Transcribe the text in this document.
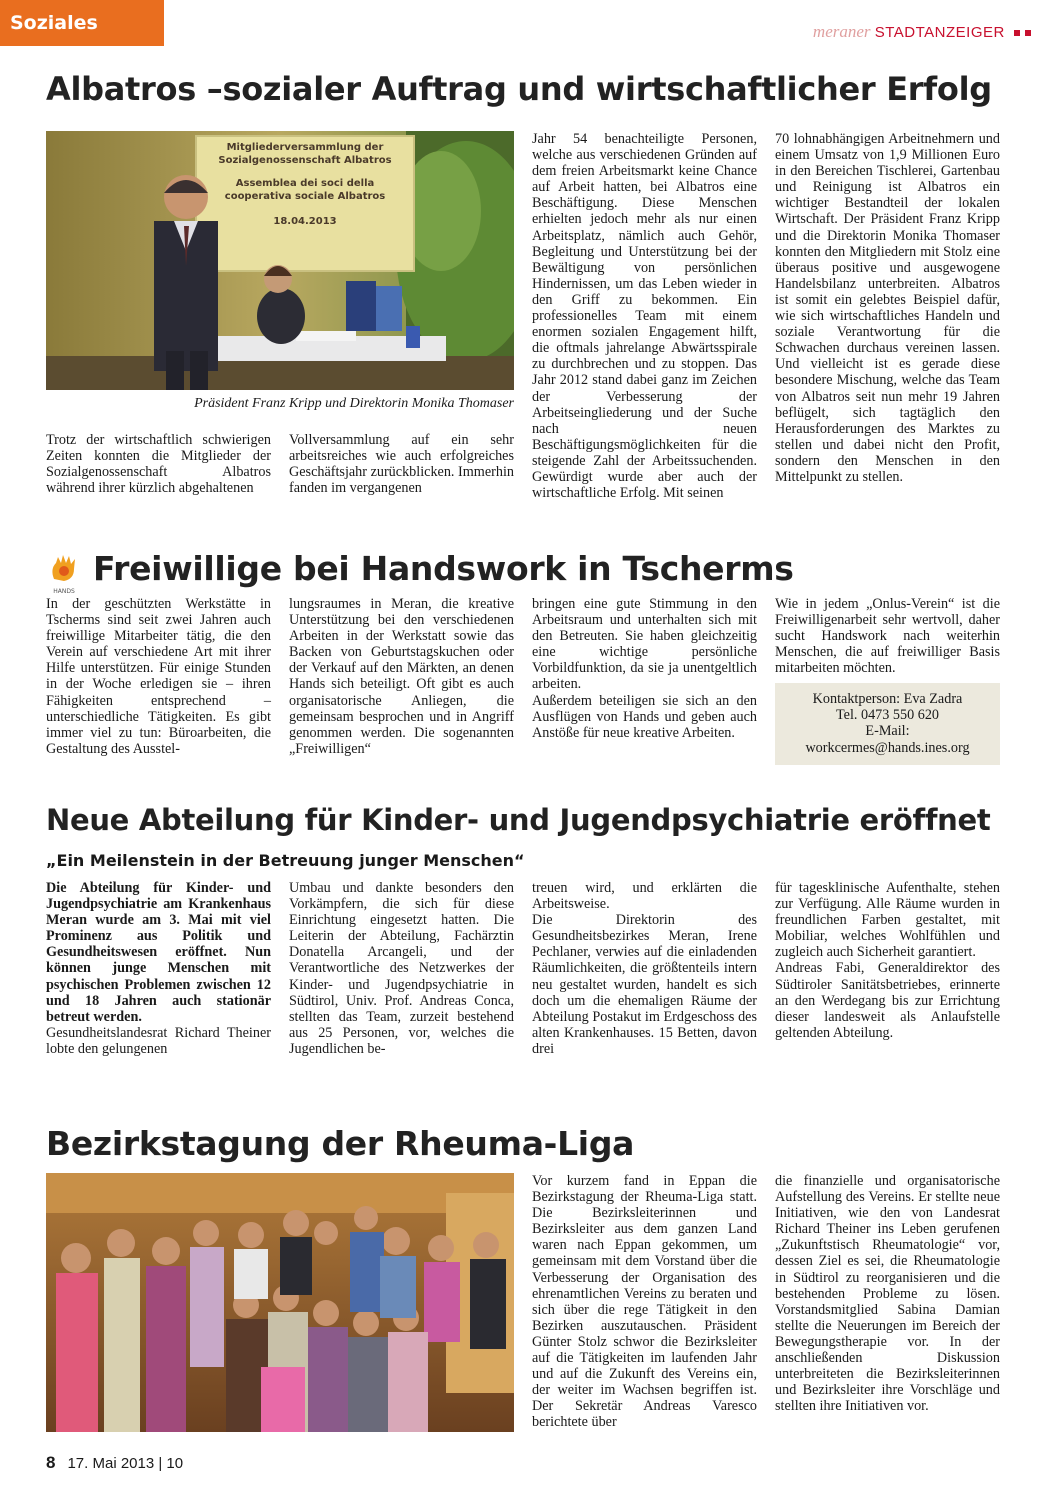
Soziales	meraner STADTANZEIGER
Albatros –sozialer Auftrag und wirtschaftlicher Erfolg
Mitgliederversammlung der
Sozialgenossenschaft Albatros
Assemblea dei soci della
cooperativa sociale Albatros
18.04.2013
Präsident Franz Kripp und Direktorin Monika Thomaser

Trotz der wirtschaftlich schwierigen Zeiten konnten die Mitglieder der Sozialgenossenschaft Albatros während ihrer kürzlich abgehaltenen

Vollversammlung auf ein sehr arbeitsreiches wie auch erfolgreiches Geschäftsjahr zurückblicken. Immerhin fanden im vergangenen

Jahr 54 benachteiligte Personen, welche aus verschiedenen Gründen auf dem freien Arbeitsmarkt keine Chance auf Arbeit hatten, bei Albatros eine Beschäftigung. Diese Menschen erhielten jedoch mehr als nur einen Arbeitsplatz, nämlich auch Gehör, Begleitung und Unterstützung bei der Bewältigung von persönlichen Hindernissen, um das Leben wieder in den Griff zu bekommen. Ein professionelles Team mit einem enormen sozialen Engagement hilft, die oftmals jahrelange Abwärtsspirale zu durchbrechen und zu stoppen. Das Jahr 2012 stand dabei ganz im Zeichen der Verbesserung der Arbeitseingliederung und der Suche nach neuen Beschäftigungsmöglichkeiten für die steigende Zahl der Arbeitssuchenden. Gewürdigt wurde aber auch der wirtschaftliche Erfolg. Mit seinen

70 lohnabhängigen Arbeitnehmern und einem Umsatz von 1,9 Millionen Euro in den Bereichen Tischlerei, Gartenbau und Reinigung ist Albatros ein wichtiger Bestandteil der lokalen Wirtschaft. Der Präsident Franz Kripp und die Direktorin Monika Thomaser konnten den Mitgliedern mit Stolz eine überaus positive und ausgewogene Handelsbilanz unterbreiten. Albatros ist somit ein gelebtes Beispiel dafür, wie sich wirtschaftliches Handeln und soziale Verantwortung für die Schwachen durchaus vereinen lassen. Und vielleicht ist es gerade diese besondere Mischung, welche das Team von Albatros seit nun mehr 19 Jahren beflügelt, sich tagtäglich den Herausforderungen des Marktes zu stellen und dabei nicht den Profit, sondern den Menschen in den Mittelpunkt zu stellen.

HANDS
Freiwillige bei Handswork in Tscherms

In der geschützten Werkstätte in Tscherms sind seit zwei Jahren auch freiwillige Mitarbeiter tätig, die den Verein auf verschiedene Art mit ihrer Hilfe unterstützen. Für einige Stunden in der Woche erledigen sie – ihren Fähigkeiten entsprechend – unterschiedliche Tätigkeiten. Es gibt immer viel zu tun: Büroarbeiten, die Gestaltung des Ausstel-

lungsraumes in Meran, die kreative Unterstützung bei den verschiedenen Arbeiten in der Werkstatt sowie das Backen von Geburtstagskuchen oder der Verkauf auf den Märkten, an denen Hands sich beteiligt. Oft gibt es auch organisatorische Anliegen, die gemeinsam besprochen und in Angriff genommen werden. Die sogenannten „Freiwilligen“

bringen eine gute Stimmung in den Arbeitsraum und unterhalten sich mit den Betreuten. Sie haben gleichzeitig eine wichtige persönliche Vorbildfunktion, da sie ja unentgeltlich arbeiten.

Außerdem beteiligen sie sich an den Ausflügen von Hands und geben auch Anstöße für neue kreative Arbeiten.

Wie in jedem „Onlus-Verein“ ist die Freiwilligenarbeit sehr wertvoll, daher sucht Handswork nach weiterhin Menschen, die auf freiwilliger Basis mitarbeiten möchten.

Kontaktperson: Eva Zadra
Tel. 0473 550 620
E-Mail:
workcermes@hands.ines.org
Neue Abteilung für Kinder- und Jugendpsychiatrie eröffnet
„Ein Meilenstein in der Betreuung junger Menschen“

Die Abteilung für Kinder- und Jugendpsychiatrie am Krankenhaus Meran wurde am 3. Mai mit viel Prominenz aus Politik und Gesundheitswesen eröffnet. Nun können junge Menschen mit psychischen Problemen zwischen 12 und 18 Jahren auch stationär betreut werden.

Gesundheitslandesrat Richard Theiner lobte den gelungenen

Umbau und dankte besonders den Vorkämpfern, die sich für diese Einrichtung eingesetzt hatten. Die Leiterin der Abteilung, Fachärztin Donatella Arcangeli, und der Verantwortliche des Netzwerkes der Kinder- und Jugendpsychiatrie in Südtirol, Univ. Prof. Andreas Conca, stellten das Team, zurzeit bestehend aus 25 Personen, vor, welches die Jugendlichen be-

treuen wird, und erklärten die Arbeitsweise.

Die Direktorin des Gesundheitsbezirkes Meran, Irene Pechlaner, verwies auf die einladenden Räumlichkeiten, die größtenteils intern neu gestaltet wurden, handelt es sich doch um die ehemaligen Räume der Abteilung Postakut im Erdgeschoss des alten Krankenhauses. 15 Betten, davon drei

für tagesklinische Aufenthalte, stehen zur Verfügung. Alle Räume wurden in freundlichen Farben gestaltet, mit Mobiliar, welches Wohlfühlen und zugleich auch Sicherheit garantiert.

Andreas Fabi, Generaldirektor des Südtiroler Sanitätsbetriebes, erinnerte an den Werdegang bis zur Errichtung dieser landesweit als Anlaufstelle geltenden Abteilung.

Bezirkstagung der Rheuma-Liga

Vor kurzem fand in Eppan die Bezirkstagung der Rheuma-Liga statt. Die Bezirksleiterinnen und Bezirksleiter aus dem ganzen Land waren nach Eppan gekommen, um gemeinsam mit dem Vorstand über die Verbesserung der Organisation des ehrenamtlichen Vereins zu beraten und sich über die rege Tätigkeit in den Bezirken auszutauschen. Präsident Günter Stolz schwor die Bezirksleiter auf die Tätigkeiten im laufenden Jahr und auf die Zukunft des Vereins ein, der weiter im Wachsen begriffen ist. Der Sekretär Andreas Varesco berichtete über

die finanzielle und organisatorische Aufstellung des Vereins. Er stellte neue Initiativen, wie den von Landesrat Richard Theiner ins Leben gerufenen „Zukunftstisch Rheumatologie“ vor, dessen Ziel es sei, die Rheumatologie in Südtirol zu reorganisieren und die bestehenden Probleme zu lösen. Vorstandsmitglied Sabina Damian stellte die Neuerungen im Bereich der Bewegungstherapie vor. In der anschließenden Diskussion unterbreiteten die Bezirksleiterinnen und Bezirksleiter ihre Vorschläge und stellten ihre Initiativen vor.

8 17. Mai 2013 | 10
